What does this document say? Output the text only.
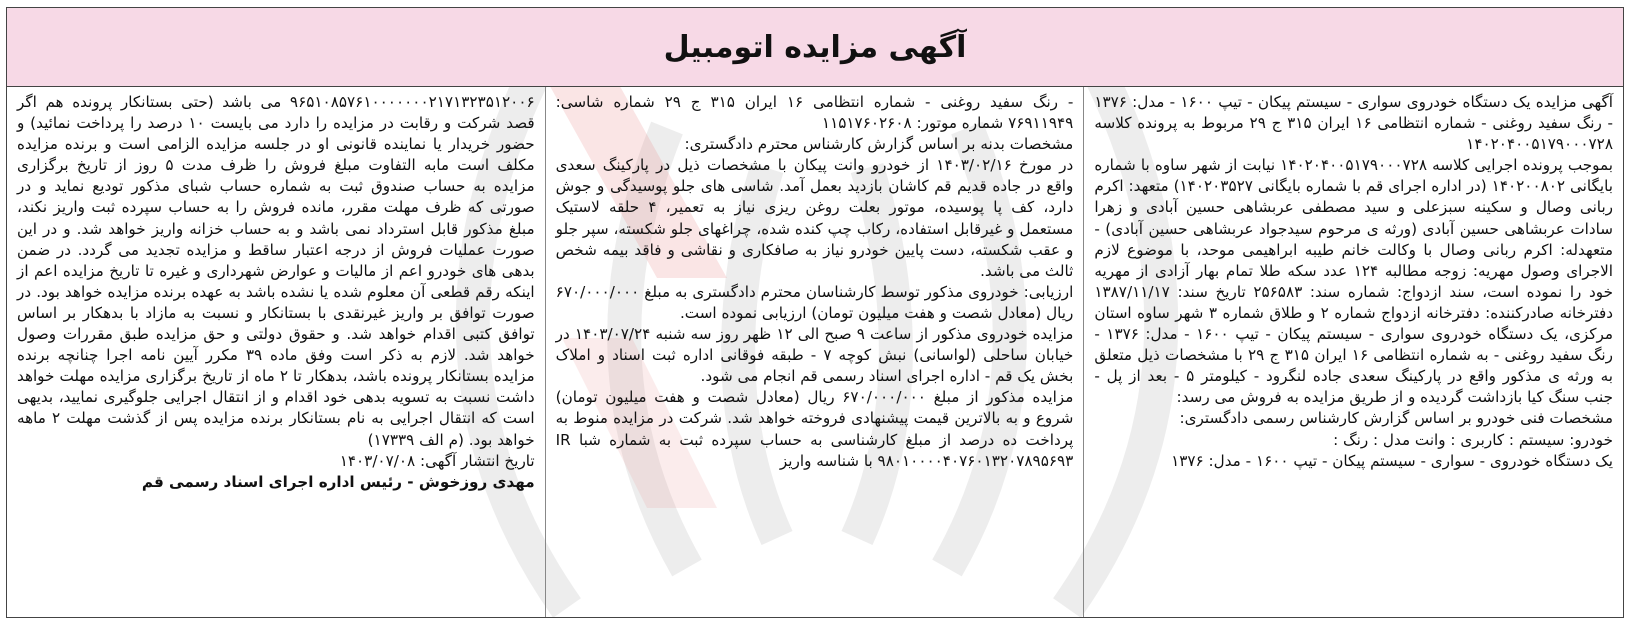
آگهی مزایده اتومبیل

آگهی مزایده یک دستگاه خودروی سواری - سیستم پیکان - تیپ ۱۶۰۰ - مدل: ۱۳۷۶ - رنگ سفید روغنی - شماره انتظامی ۱۶ ایران ۳۱۵ ج ۲۹ مربوط به پرونده کلاسه ۱۴۰۲۰۴۰۰۵۱۷۹۰۰۰۷۲۸

بموجب پرونده اجرایی کلاسه ۱۴۰۲۰۴۰۰۵۱۷۹۰۰۰۷۲۸ نیابت از شهر ساوه با شماره بایگانی ۱۴۰۲۰۰۸۰۲ (در اداره اجرای قم با شماره بایگانی ۱۴۰۲۰۳۵۲۷) متعهد: اکرم ربانی وصال و سکینه سبزعلی و سید مصطفی عربشاهی حسین آبادی و زهرا سادات عربشاهی حسین آبادی (ورثه ی مرحوم سیدجواد عربشاهی حسین آبادی) - متعهدله: اکرم ربانی وصال با وکالت خانم طیبه ابراهیمی موحد، با موضوع لازم الاجرای وصول مهریه: زوجه مطالبه ۱۲۴ عدد سکه طلا تمام بهار آزادی از مهریه خود را نموده است، سند ازدواج: شماره سند: ۲۵۶۵۸۳ تاریخ سند: ۱۳۸۷/۱۱/۱۷ دفترخانه صادرکننده: دفترخانه ازدواج شماره ۲ و طلاق شماره ۳ شهر ساوه استان مرکزی، یک دستگاه خودروی سواری - سیستم پیکان - تیپ ۱۶۰۰ - مدل: ۱۳۷۶ - رنگ سفید روغنی - به شماره انتظامی ۱۶ ایران ۳۱۵ ج ۲۹ با مشخصات ذیل متعلق به ورثه ی مذکور واقع در پارکینگ سعدی جاده لنگرود - کیلومتر ۵ - بعد از پل - جنب سنگ کیا بازداشت گردیده و از طریق مزایده به فروش می رسد:

مشخصات فنی خودرو بر اساس گزارش کارشناس رسمی دادگستری:

خودرو: سیستم : کاربری : وانت مدل : رنگ :

یک دستگاه خودروی - سواری - سیستم پیکان - تیپ ۱۶۰۰ - مدل: ۱۳۷۶

- رنگ سفید روغنی - شماره انتظامی ۱۶ ایران ۳۱۵ ج ۲۹ شماره شاسی: ۷۶۹۱۱۹۴۹ شماره موتور: ۱۱۵۱۷۶۰۲۶۰۸

مشخصات بدنه بر اساس گزارش کارشناس محترم دادگستری:

در مورخ ۱۴۰۳/۰۲/۱۶ از خودرو وانت پیکان با مشخصات ذیل در پارکینگ سعدی واقع در جاده قدیم قم کاشان بازدید بعمل آمد. شاسی های جلو پوسیدگی و جوش دارد، کف پا پوسیده، موتور بعلت روغن ریزی نیاز به تعمیر، ۴ حلقه لاستیک مستعمل و غیرقابل استفاده، رکاب چپ کنده شده، چراغهای جلو شکسته، سپر جلو و عقب شکسته، دست پایین خودرو نیاز به صافکاری و نقاشی و فاقد بیمه شخص ثالث می باشد.

ارزیابی: خودروی مذکور توسط کارشناسان محترم دادگستری به مبلغ ۶۷۰/۰۰۰/۰۰۰ ریال (معادل شصت و هفت میلیون تومان) ارزیابی نموده است.

مزایده خودروی مذکور از ساعت ۹ صبح الی ۱۲ ظهر روز سه شنبه ۱۴۰۳/۰۷/۲۴ در خیابان ساحلی (لواسانی) نبش کوچه ۷ - طبقه فوقانی اداره ثبت اسناد و املاک بخش یک قم - اداره اجرای اسناد رسمی قم انجام می شود.

مزایده مذکور از مبلغ ۶۷۰/۰۰۰/۰۰۰ ریال (معادل شصت و هفت میلیون تومان) شروع و به بالاترین قیمت پیشنهادی فروخته خواهد شد. شرکت در مزایده منوط به پرداخت ده درصد از مبلغ کارشناسی به حساب سپرده ثبت به شماره شبا IR ۹۸۰۱۰۰۰۰۴۰۷۶۰۱۳۲۰۷۸۹۵۶۹۳ با شناسه واریز

۹۶۵۱۰۸۵۷۶۱۰۰۰۰۰۰۰۲۱۷۱۳۲۳۵۱۲۰۰۶ می باشد (حتی بستانکار پرونده هم اگر قصد شرکت و رقابت در مزایده را دارد می بایست ۱۰ درصد را پرداخت نمائید) و حضور خریدار یا نماینده قانونی او در جلسه مزایده الزامی است و برنده مزایده مکلف است مابه التفاوت مبلغ فروش را ظرف مدت ۵ روز از تاریخ برگزاری مزایده به حساب صندوق ثبت به شماره حساب شبای مذکور تودیع نماید و در صورتی که ظرف مهلت مقرر، مانده فروش را به حساب سپرده ثبت واریز نکند، مبلغ مذکور قابل استرداد نمی باشد و به حساب خزانه واریز خواهد شد. و در این صورت عملیات فروش از درجه اعتبار ساقط و مزایده تجدید می گردد. در ضمن بدهی های خودرو اعم از مالیات و عوارض شهرداری و غیره تا تاریخ مزایده اعم از اینکه رقم قطعی آن معلوم شده یا نشده باشد به عهده برنده مزایده خواهد بود. در صورت توافق بر واریز غیرنقدی با بستانکار و نسبت به مازاد با بدهکار بر اساس توافق کتبی اقدام خواهد شد. و حقوق دولتی و حق مزایده طبق مقررات وصول خواهد شد. لازم به ذکر است وفق ماده ۳۹ مکرر آیین نامه اجرا چنانچه برنده مزایده بستانکار پرونده باشد، بدهکار تا ۲ ماه از تاریخ برگزاری مزایده مهلت خواهد داشت نسبت به تسویه بدهی خود اقدام و از انتقال اجرایی جلوگیری نمایید، بدیهی است که انتقال اجرایی به نام بستانکار برنده مزایده پس از گذشت مهلت ۲ ماهه خواهد بود. (م الف ۱۷۳۳۹)

تاریخ انتشار آگهی: ۱۴۰۳/۰۷/۰۸

مهدی روزخوش - رئیس اداره اجرای اسناد رسمی قم
